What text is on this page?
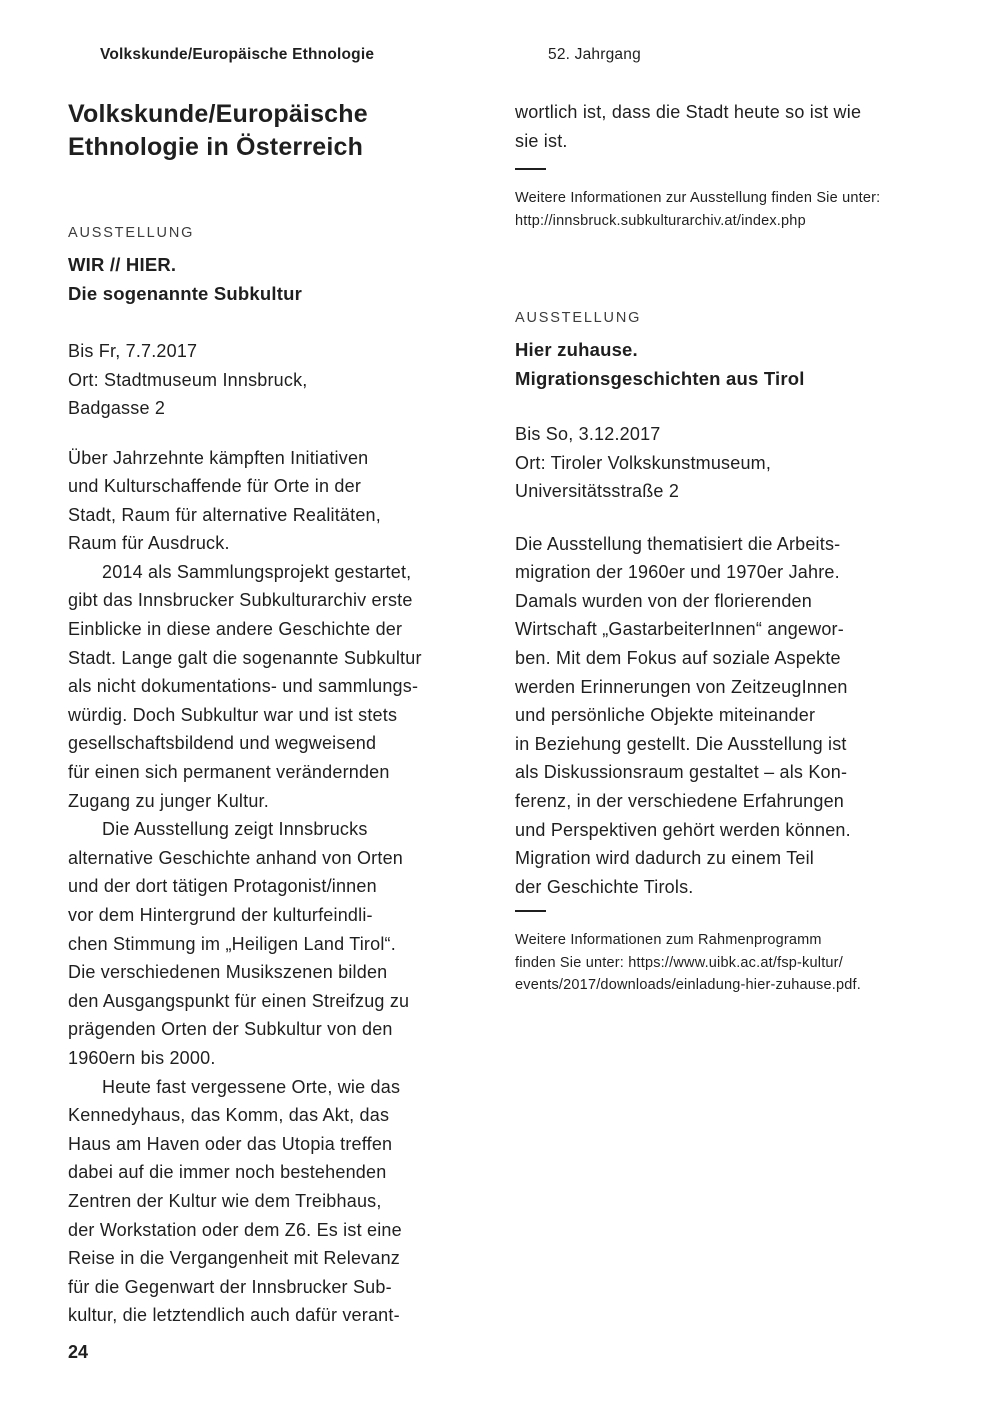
Volkskunde/Europäische Ethnologie	52. Jahrgang
Volkskunde/Europäische
Ethnologie in Österreich
AUSSTELLUNG
WIR // HIER.
Die sogenannte Subkultur
Bis Fr, 7.7.2017
Ort: Stadtmuseum Innsbruck,
Badgasse 2
Über Jahrzehnte kämpften Initiativen
und Kulturschaffende für Orte in der
Stadt, Raum für alternative Realitäten,
Raum für Ausdruck.
2014 als Sammlungsprojekt gestartet,
gibt das Innsbrucker Subkulturarchiv erste
Einblicke in diese andere Geschichte der
Stadt. Lange galt die sogenannte Subkultur
als nicht dokumentations- und sammlungs-
würdig. Doch Subkultur war und ist stets
gesellschaftsbildend und wegweisend
für einen sich permanent verändernden
Zugang zu junger Kultur.
Die Ausstellung zeigt Innsbrucks
alternative Geschichte anhand von Orten
und der dort tätigen Protagonist/innen
vor dem Hintergrund der kulturfeindli-
chen Stimmung im „Heiligen Land Tirol“.
Die verschiedenen Musikszenen bilden
den Ausgangspunkt für einen Streifzug zu
prägenden Orten der Subkultur von den
1960ern bis 2000.
Heute fast vergessene Orte, wie das
Kennedyhaus, das Komm, das Akt, das
Haus am Haven oder das Utopia treffen
dabei auf die immer noch bestehenden
Zentren der Kultur wie dem Treibhaus,
der Workstation oder dem Z6. Es ist eine
Reise in die Vergangenheit mit Relevanz
für die Gegenwart der Innsbrucker Sub-
kultur, die letztendlich auch dafür verant-
wortlich ist, dass die Stadt heute so ist wie
sie ist.
Weitere Informationen zur Ausstellung finden Sie unter:
http://innsbruck.subkulturarchiv.at/index.php
AUSSTELLUNG
Hier zuhause.
Migrationsgeschichten aus Tirol
Bis So, 3.12.2017
Ort: Tiroler Volkskunstmuseum,
Universitätsstraße 2
Die Ausstellung thematisiert die Arbeits-
migration der 1960er und 1970er Jahre.
Damals wurden von der florierenden
Wirtschaft „GastarbeiterInnen“ angewor-
ben. Mit dem Fokus auf soziale Aspekte
werden Erinnerungen von ZeitzeugInnen
und persönliche Objekte miteinander
in Beziehung gestellt. Die Ausstellung ist
als Diskussionsraum gestaltet – als Kon-
ferenz, in der verschiedene Erfahrungen
und Perspektiven gehört werden können.
Migration wird dadurch zu einem Teil
der Geschichte Tirols.
Weitere Informationen zum Rahmenprogramm
finden Sie unter: https://www.uibk.ac.at/fsp-kultur/
events/2017/downloads/einladung-hier-zuhause.pdf.
24
